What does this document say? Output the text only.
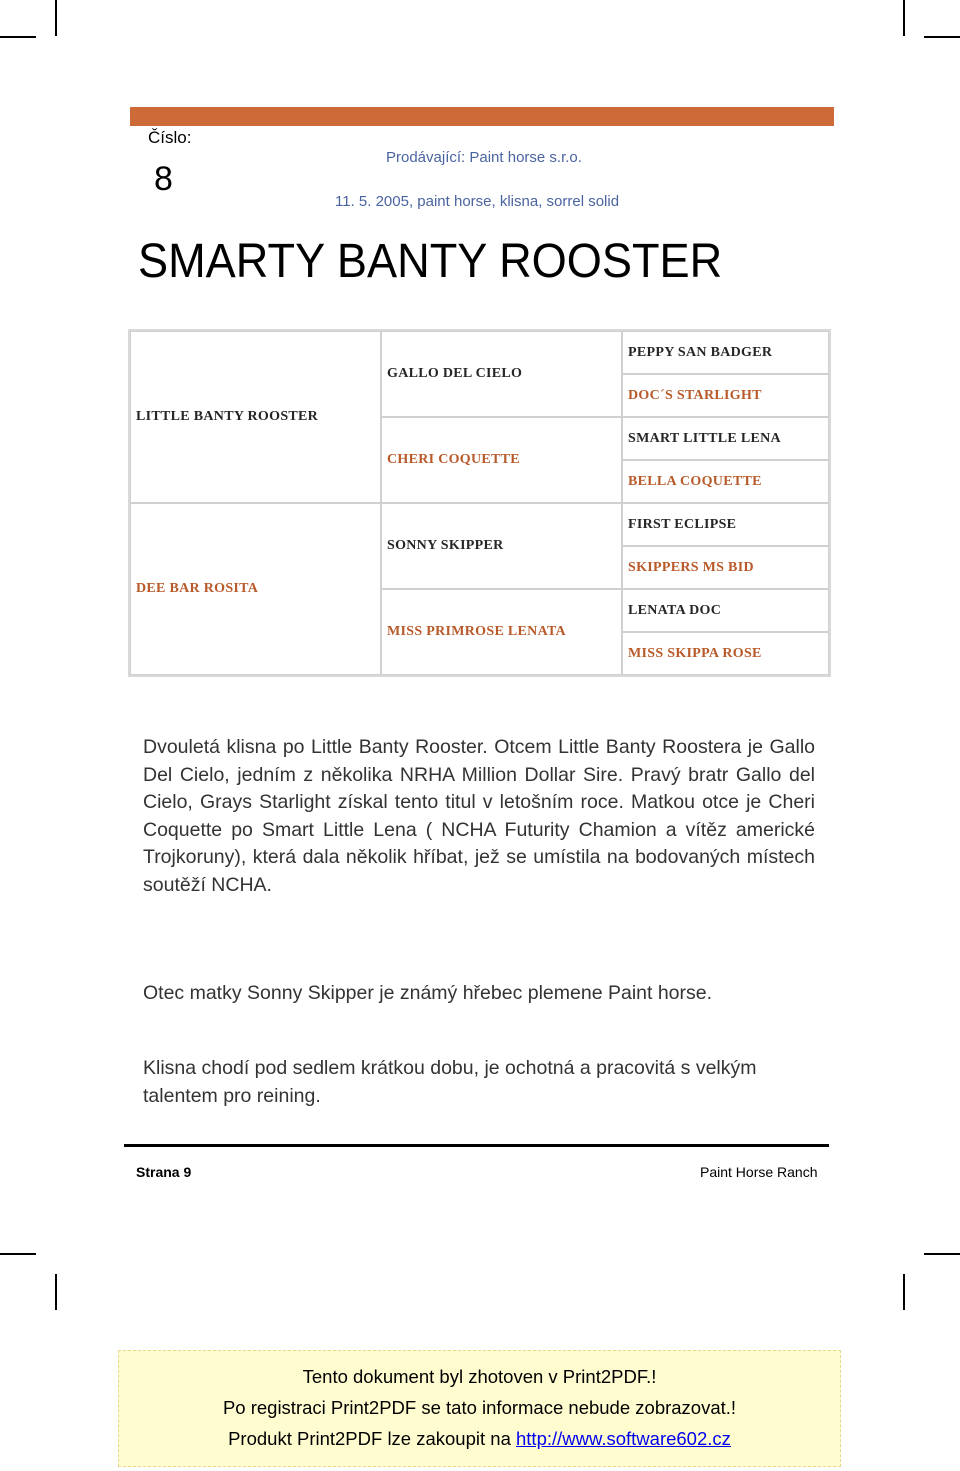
Číslo:
8
Prodávající: Paint horse s.r.o.
11. 5. 2005, paint horse, klisna, sorrel solid
SMARTY BANTY ROOSTER
LITTLE BANTY ROOSTER
DEE BAR ROSITA
GALLO DEL CIELO
CHERI COQUETTE
SONNY SKIPPER
MISS PRIMROSE LENATA
PEPPY SAN BADGER
DOC´S STARLIGHT
SMART LITTLE LENA
BELLA COQUETTE
FIRST ECLIPSE
SKIPPERS MS BID
LENATA DOC
MISS SKIPPA ROSE
Dvouletá klisna po Little Banty Rooster. Otcem Little Banty Roostera je Gallo Del Cielo, jedním z několika NRHA Million Dollar Sire. Pravý bratr Gallo del Cielo, Grays Starlight získal tento titul v letošním roce. Matkou otce je Cheri Coquette po Smart Little Lena ( NCHA Futurity Chamion a vítěz americké Trojkoruny), která dala několik hříbat, jež se umístila na bodovaných místech soutěží NCHA.
Otec matky Sonny Skipper je známý hřebec plemene Paint horse.
Klisna chodí pod sedlem krátkou dobu, je ochotná a pracovitá s velkým talentem pro reining.
Strana 9	Paint Horse Ranch
Tento dokument byl zhotoven v Print2PDF.!
Po registraci Print2PDF se tato informace nebude zobrazovat.!
Produkt Print2PDF lze zakoupit na http://www.software602.cz
